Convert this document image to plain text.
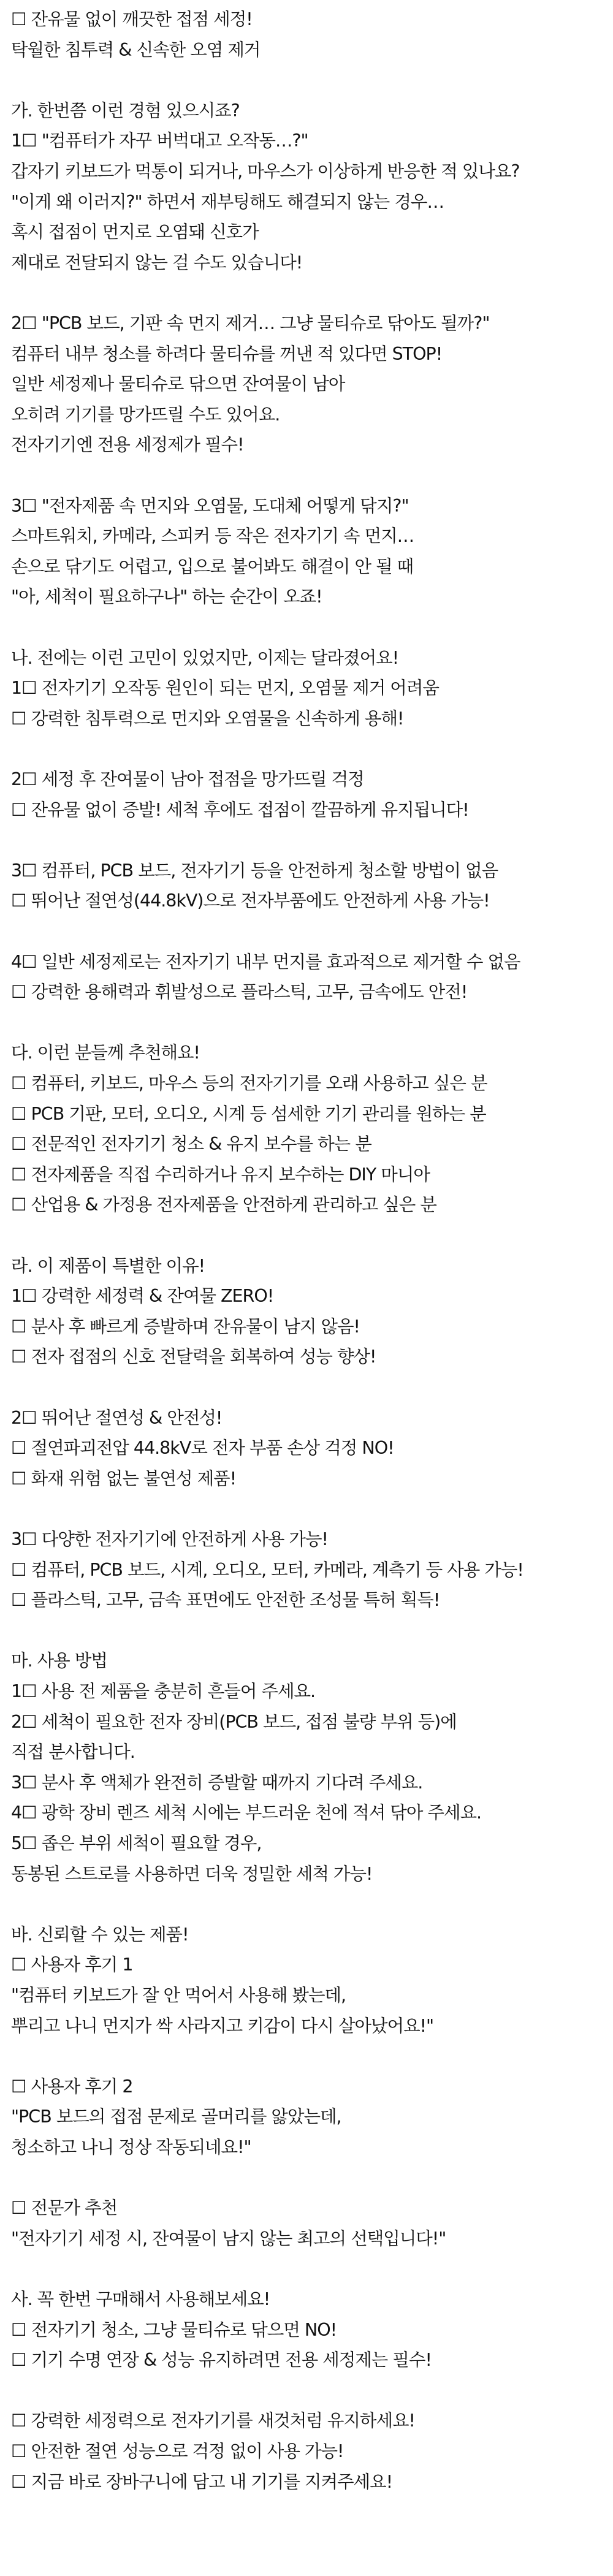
☐ 잔유물 없이 깨끗한 접점 세정!
탁월한 침투력 & 신속한 오염 제거
가. 한번쯤 이런 경험 있으시죠?
1☐ "컴퓨터가 자꾸 버벅대고 오작동…?"
갑자기 키보드가 먹통이 되거나, 마우스가 이상하게 반응한 적 있나요?
"이게 왜 이러지?" 하면서 재부팅해도 해결되지 않는 경우…
혹시 접점이 먼지로 오염돼 신호가
제대로 전달되지 않는 걸 수도 있습니다!
2☐ "PCB 보드, 기판 속 먼지 제거… 그냥 물티슈로 닦아도 될까?"
컴퓨터 내부 청소를 하려다 물티슈를 꺼낸 적 있다면 STOP!
일반 세정제나 물티슈로 닦으면 잔여물이 남아
오히려 기기를 망가뜨릴 수도 있어요.
전자기기엔 전용 세정제가 필수!
3☐ "전자제품 속 먼지와 오염물, 도대체 어떻게 닦지?"
스마트워치, 카메라, 스피커 등 작은 전자기기 속 먼지…
손으로 닦기도 어렵고, 입으로 불어봐도 해결이 안 될 때
"아, 세척이 필요하구나" 하는 순간이 오죠!
나. 전에는 이런 고민이 있었지만, 이제는 달라졌어요!
1☐ 전자기기 오작동 원인이 되는 먼지, 오염물 제거 어려움
☐ 강력한 침투력으로 먼지와 오염물을 신속하게 용해!
2☐ 세정 후 잔여물이 남아 접점을 망가뜨릴 걱정
☐ 잔유물 없이 증발! 세척 후에도 접점이 깔끔하게 유지됩니다!
3☐ 컴퓨터, PCB 보드, 전자기기 등을 안전하게 청소할 방법이 없음
☐ 뛰어난 절연성(44.8kV)으로 전자부품에도 안전하게 사용 가능!
4☐ 일반 세정제로는 전자기기 내부 먼지를 효과적으로 제거할 수 없음
☐ 강력한 용해력과 휘발성으로 플라스틱, 고무, 금속에도 안전!
다. 이런 분들께 추천해요!
☐ 컴퓨터, 키보드, 마우스 등의 전자기기를 오래 사용하고 싶은 분
☐ PCB 기판, 모터, 오디오, 시계 등 섬세한 기기 관리를 원하는 분
☐ 전문적인 전자기기 청소 & 유지 보수를 하는 분
☐ 전자제품을 직접 수리하거나 유지 보수하는 DIY 마니아
☐ 산업용 & 가정용 전자제품을 안전하게 관리하고 싶은 분
라. 이 제품이 특별한 이유!
1☐ 강력한 세정력 & 잔여물 ZERO!
☐ 분사 후 빠르게 증발하며 잔유물이 남지 않음!
☐ 전자 접점의 신호 전달력을 회복하여 성능 향상!
2☐ 뛰어난 절연성 & 안전성!
☐ 절연파괴전압 44.8kV로 전자 부품 손상 걱정 NO!
☐ 화재 위험 없는 불연성 제품!
3☐ 다양한 전자기기에 안전하게 사용 가능!
☐ 컴퓨터, PCB 보드, 시계, 오디오, 모터, 카메라, 계측기 등 사용 가능!
☐ 플라스틱, 고무, 금속 표면에도 안전한 조성물 특허 획득!
마. 사용 방법
1☐ 사용 전 제품을 충분히 흔들어 주세요.
2☐ 세척이 필요한 전자 장비(PCB 보드, 접점 불량 부위 등)에
직접 분사합니다.
3☐ 분사 후 액체가 완전히 증발할 때까지 기다려 주세요.
4☐ 광학 장비 렌즈 세척 시에는 부드러운 천에 적셔 닦아 주세요.
5☐ 좁은 부위 세척이 필요할 경우,
동봉된 스트로를 사용하면 더욱 정밀한 세척 가능!
바. 신뢰할 수 있는 제품!
☐ 사용자 후기 1
"컴퓨터 키보드가 잘 안 먹어서 사용해 봤는데,
뿌리고 나니 먼지가 싹 사라지고 키감이 다시 살아났어요!"
☐ 사용자 후기 2
"PCB 보드의 접점 문제로 골머리를 앓았는데,
청소하고 나니 정상 작동되네요!"
☐ 전문가 추천
"전자기기 세정 시, 잔여물이 남지 않는 최고의 선택입니다!"
사. 꼭 한번 구매해서 사용해보세요!
☐ 전자기기 청소, 그냥 물티슈로 닦으면 NO!
☐ 기기 수명 연장 & 성능 유지하려면 전용 세정제는 필수!
☐ 강력한 세정력으로 전자기기를 새것처럼 유지하세요!
☐ 안전한 절연 성능으로 걱정 없이 사용 가능!
☐ 지금 바로 장바구니에 담고 내 기기를 지켜주세요!
